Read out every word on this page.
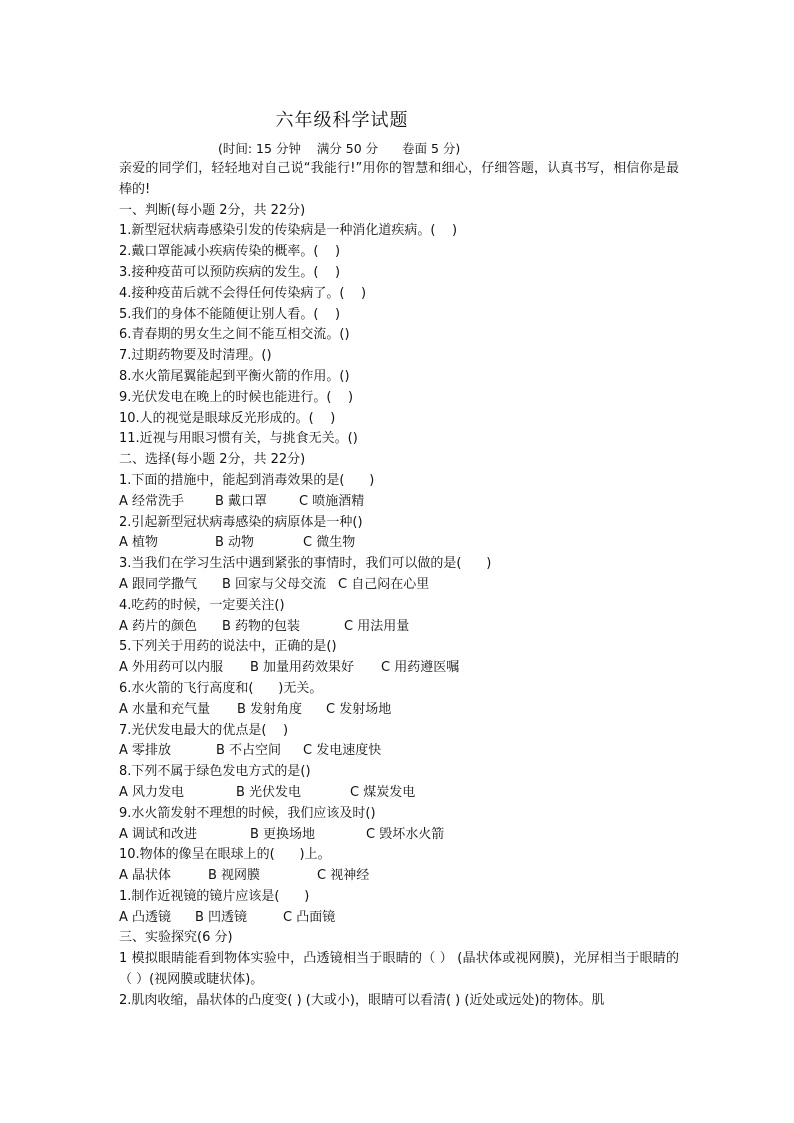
六年级科学试题
(时间: 15 分钟    满分 50 分      卷面 5 分)
亲爱的同学们，轻轻地对自己说“我能行!”用你的智慧和细心，仔细答题，认真书写，相信你是最棒的!
一、判断(每小题 2分，共 22分)
1.新型冠状病毒感染引发的传染病是一种消化道疾病。(    )
2.戴口罩能减小疾病传染的概率。(    )
3.接种疫苗可以预防疾病的发生。(    )
4.接种疫苗后就不会得任何传染病了。(    )
5.我们的身体不能随便让别人看。(    )
6.青春期的男女生之间不能互相交流。()
7.过期药物要及时清理。()
8.水火箭尾翼能起到平衡火箭的作用。()
9.光伏发电在晚上的时候也能进行。(    )
10.人的视觉是眼球反光形成的。(    )
11.近视与用眼习惯有关，与挑食无关。()
二、选择(每小题 2分，共 22分)
1.下面的措施中，能起到消毒效果的是(      )
A 经常洗手	B 戴口罩	C 喷施酒精
2.引起新型冠状病毒感染的病原体是一种()
A 植物	B 动物	C 微生物
3.当我们在学习生活中遇到紧张的事情时，我们可以做的是(      )
A 跟同学撒气	B 回家与父母交流 C 自己闷在心里
4.吃药的时候，一定要关注()
A 药片的颜色	B 药物的包装	C 用法用量
5.下列关于用药的说法中，正确的是()
A 外用药可以内服	B 加量用药效果好	C 用药遵医嘱
6.水火箭的飞行高度和(      )无关。
A 水量和充气量	B 发射角度	C 发射场地
7.光伏发电最大的优点是(    )
A 零排放	B 不占空间	C 发电速度快
8.下列不属于绿色发电方式的是()
A 风力发电	B 光伏发电	C 煤炭发电
9.水火箭发射不理想的时候，我们应该及时()
A 调试和改进	B 更换场地	C 毁坏水火箭
10.物体的像呈在眼球上的(      )上。
A 晶状体	B 视网膜	C 视神经
1.制作近视镜的镜片应该是(      )
A 凸透镜	B 凹透镜	C 凸面镜
三、实验探究(6 分)
1 模拟眼睛能看到物体实验中，凸透镜相当于眼睛的（ ） (晶状体或视网膜)，光屏相当于眼睛的（ ）(视网膜或睫状体)。
2.肌肉收缩，晶状体的凸度变( ) (大或小)，眼睛可以看清( ) (近处或远处)的物体。肌
